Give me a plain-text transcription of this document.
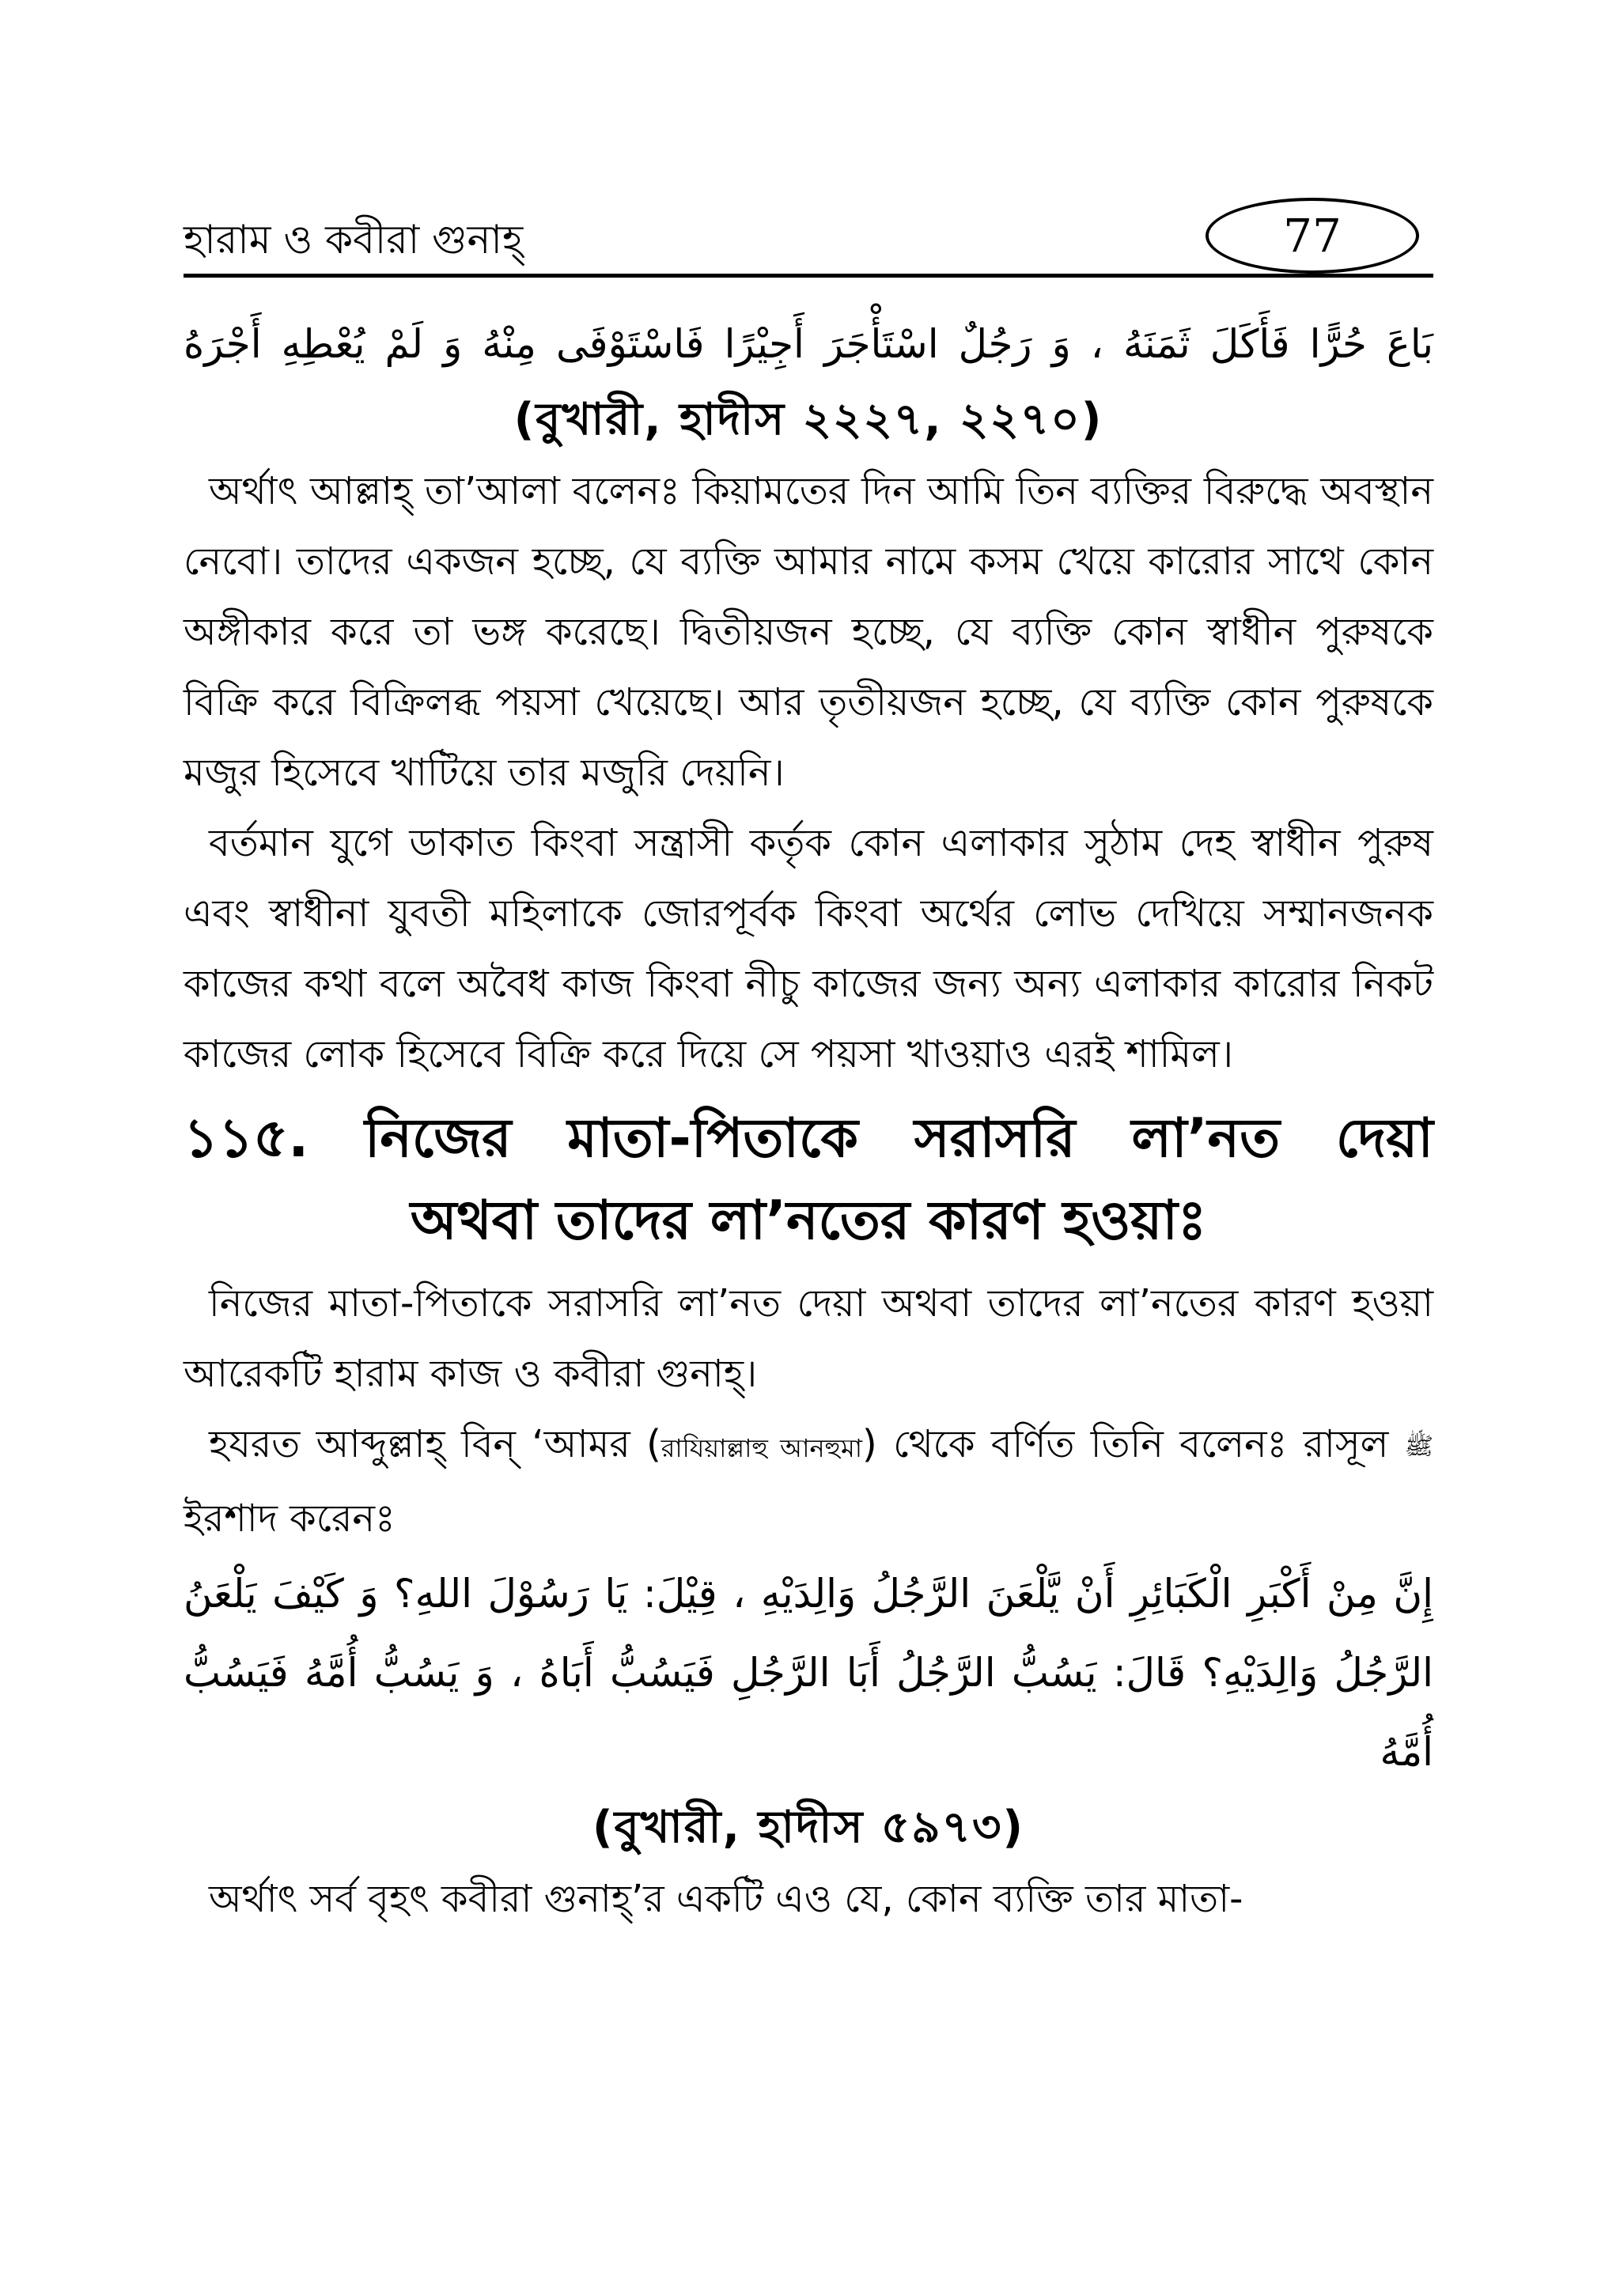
হারাম ও কবীরা গুনাহ্	77

بَاعَ حُرًّا فَأَكَلَ ثَمَنَهُ ، وَ رَجُلٌ اسْتَأْجَرَ أَجِيْرًا فَاسْتَوْفَى مِنْهُ وَ لَمْ يُعْطِهِ أَجْرَهُ

(বুখারী, হাদীস ২২২৭, ২২৭০)

অর্থাৎ আল্লাহ্ তা’আলা বলেনঃ কিয়ামতের দিন আমি তিন ব্যক্তির বিরুদ্ধে অবস্থান নেবো। তাদের একজন হচ্ছে, যে ব্যক্তি আমার নামে কসম খেয়ে কারোর সাথে কোন অঙ্গীকার করে তা ভঙ্গ করেছে। দ্বিতীয়জন হচ্ছে, যে ব্যক্তি কোন স্বাধীন পুরুষকে বিক্রি করে বিক্রিলব্ধ পয়সা খেয়েছে। আর তৃতীয়জন হচ্ছে, যে ব্যক্তি কোন পুরুষকে মজুর হিসেবে খাটিয়ে তার মজুরি দেয়নি।

বর্তমান যুগে ডাকাত কিংবা সন্ত্রাসী কর্তৃক কোন এলাকার সুঠাম দেহ স্বাধীন পুরুষ এবং স্বাধীনা যুবতী মহিলাকে জোরপূর্বক কিংবা অর্থের লোভ দেখিয়ে সম্মানজনক কাজের কথা বলে অবৈধ কাজ কিংবা নীচু কাজের জন্য অন্য এলাকার কারোর নিকট কাজের লোক হিসেবে বিক্রি করে দিয়ে সে পয়সা খাওয়াও এরই শামিল।

১১৫. নিজের মাতা-পিতাকে সরাসরি লা’নত দেয়া
অথবা তাদের লা’নতের কারণ হওয়াঃ

নিজের মাতা-পিতাকে সরাসরি লা’নত দেয়া অথবা তাদের লা’নতের কারণ হওয়া আরেকটি হারাম কাজ ও কবীরা গুনাহ্।

হযরত আব্দুল্লাহ্ বিন্ ‘আমর (রাযিয়াল্লাহু আনহুমা) থেকে বর্ণিত তিনি বলেনঃ রাসূল ﷺ ইরশাদ করেনঃ

إِنَّ مِنْ أَكْبَرِ الْكَبَائِرِ أَنْ يَّلْعَنَ الرَّجُلُ وَالِدَيْهِ ، قِيْلَ: يَا رَسُوْلَ اللهِ؟ وَ كَيْفَ يَلْعَنُ الرَّجُلُ وَالِدَيْهِ؟ قَالَ: يَسُبُّ الرَّجُلُ أَبَا الرَّجُلِ فَيَسُبُّ أَبَاهُ ، وَ يَسُبُّ أُمَّهُ فَيَسُبُّ أُمَّهُ

(বুখারী, হাদীস ৫৯৭৩)

অর্থাৎ সর্ব বৃহৎ কবীরা গুনাহ্’র একটি এও যে, কোন ব্যক্তি তার মাতা-
